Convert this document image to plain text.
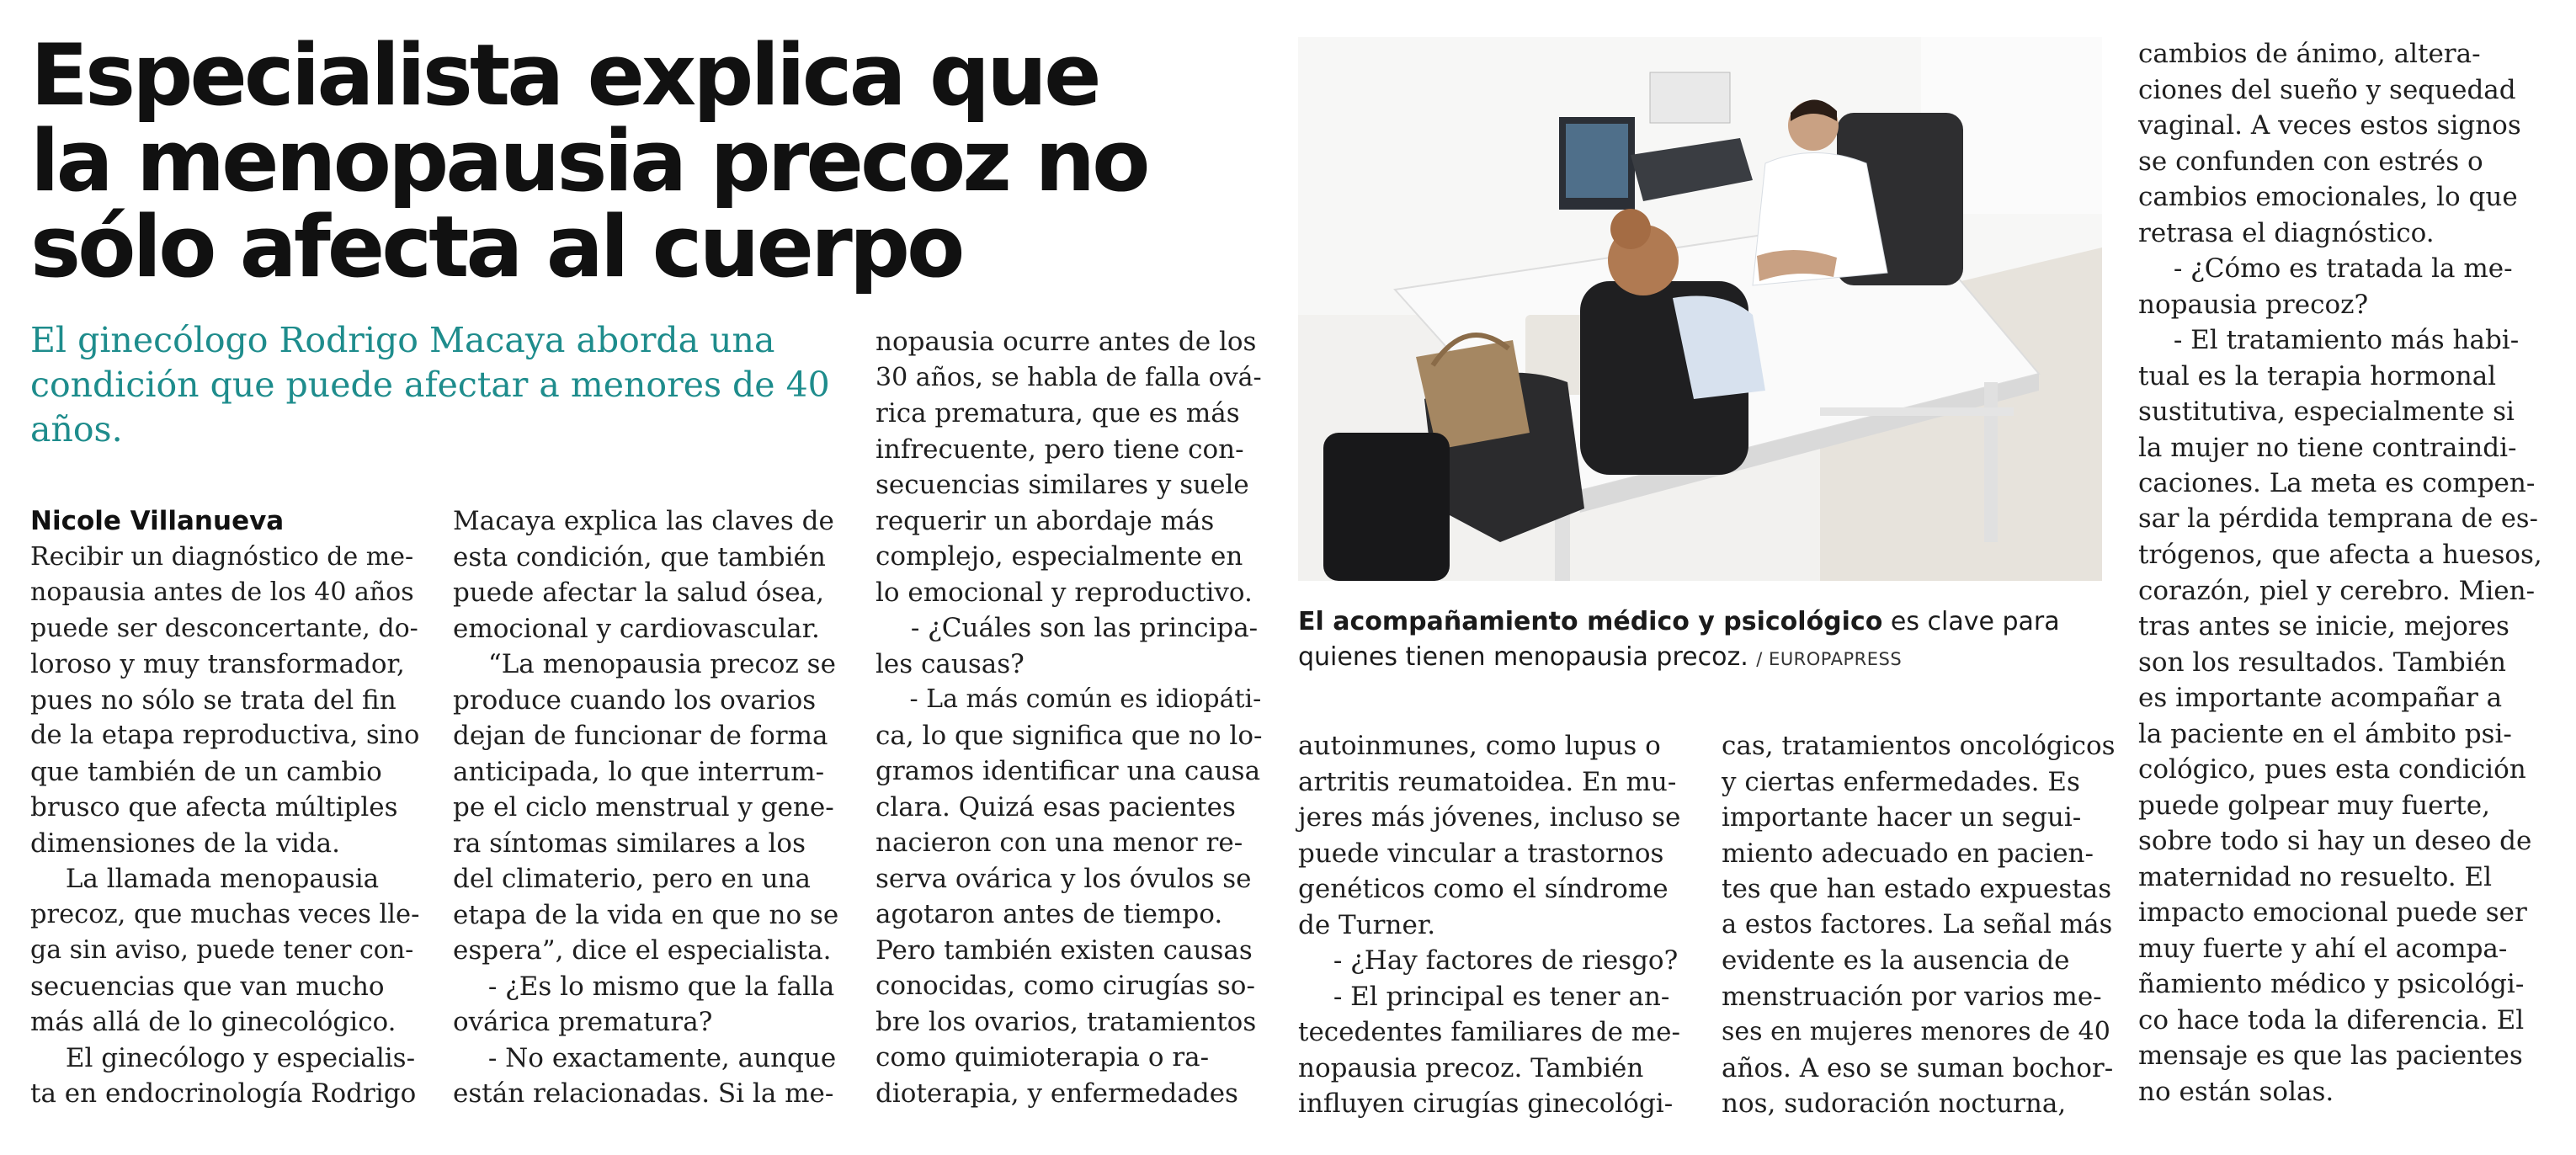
Especialista explica que
la menopausia precoz no
sólo afecta al cuerpo

El ginecólogo Rodrigo Macaya aborda una condición que puede afectar a menores de 40 años.

Nicole Villanueva

Recibir un diagnóstico de me-

nopausia antes de los 40 años

puede ser desconcertante, do-

loroso y muy transformador,

pues no sólo se trata del fin

de la etapa reproductiva, sino

que también de un cambio

brusco que afecta múltiples

dimensiones de la vida.

La llamada menopausia

precoz, que muchas veces lle-

ga sin aviso, puede tener con-

secuencias que van mucho

más allá de lo ginecológico.

El ginecólogo y especialis-

ta en endocrinología Rodrigo

Macaya explica las claves de

esta condición, que también

puede afectar la salud ósea,

emocional y cardiovascular.

“La menopausia precoz se

produce cuando los ovarios

dejan de funcionar de forma

anticipada, lo que interrum-

pe el ciclo menstrual y gene-

ra síntomas similares a los

del climaterio, pero en una

etapa de la vida en que no se

espera”, dice el especialista.

- ¿Es lo mismo que la falla

ovárica prematura?

- No exactamente, aunque

están relacionadas. Si la me-

nopausia ocurre antes de los

30 años, se habla de falla ová-

rica prematura, que es más

infrecuente, pero tiene con-

secuencias similares y suele

requerir un abordaje más

complejo, especialmente en

lo emocional y reproductivo.

- ¿Cuáles son las principa-

les causas?

- La más común es idiopáti-

ca, lo que significa que no lo-

gramos identificar una causa

clara. Quizá esas pacientes

nacieron con una menor re-

serva ovárica y los óvulos se

agotaron antes de tiempo.

Pero también existen causas

conocidas, como cirugías so-

bre los ovarios, tratamientos

como quimioterapia o ra-

dioterapia, y enfermedades

El acompañamiento médico y psicológico es clave para quienes tienen menopausia precoz. / EUROPAPRESS

autoinmunes, como lupus o

artritis reumatoidea. En mu-

jeres más jóvenes, incluso se

puede vincular a trastornos

genéticos como el síndrome

de Turner.

- ¿Hay factores de riesgo?

- El principal es tener an-

tecedentes familiares de me-

nopausia precoz. También

influyen cirugías ginecológi-

cas, tratamientos oncológicos

y ciertas enfermedades. Es

importante hacer un segui-

miento adecuado en pacien-

tes que han estado expuestas

a estos factores. La señal más

evidente es la ausencia de

menstruación por varios me-

ses en mujeres menores de 40

años. A eso se suman bochor-

nos, sudoración nocturna,

cambios de ánimo, altera-

ciones del sueño y sequedad

vaginal. A veces estos signos

se confunden con estrés o

cambios emocionales, lo que

retrasa el diagnóstico.

- ¿Cómo es tratada la me-

nopausia precoz?

- El tratamiento más habi-

tual es la terapia hormonal

sustitutiva, especialmente si

la mujer no tiene contraindi-

caciones. La meta es compen-

sar la pérdida temprana de es-

trógenos, que afecta a huesos,

corazón, piel y cerebro. Mien-

tras antes se inicie, mejores

son los resultados. También

es importante acompañar a

la paciente en el ámbito psi-

cológico, pues esta condición

puede golpear muy fuerte,

sobre todo si hay un deseo de

maternidad no resuelto. El

impacto emocional puede ser

muy fuerte y ahí el acompa-

ñamiento médico y psicológi-

co hace toda la diferencia. El

mensaje es que las pacientes

no están solas.
